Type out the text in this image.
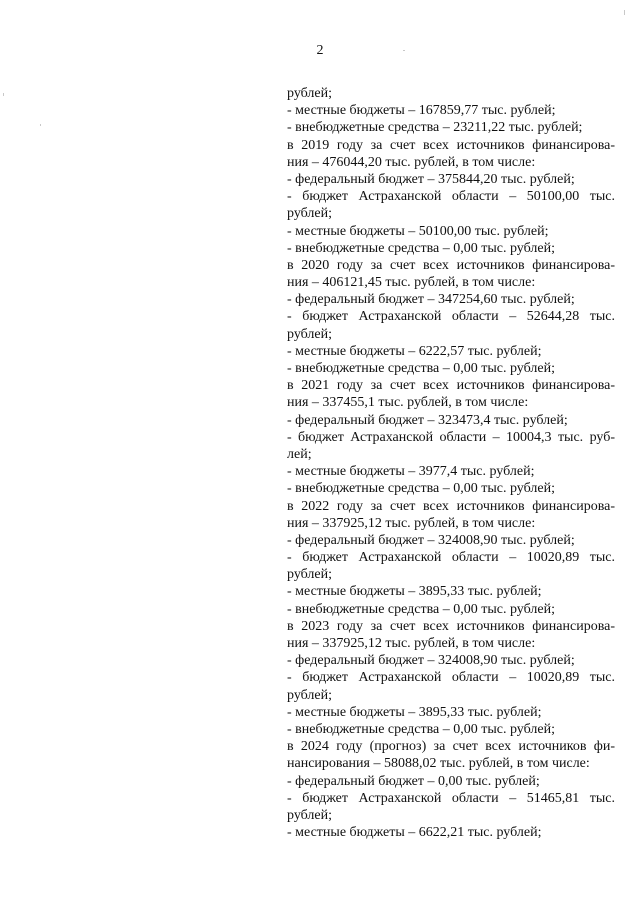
2
рублей;
- местные бюджеты – 167859,77 тыс. рублей;
- внебюджетные средства – 23211,22 тыс. рублей;
в 2019 году за счет всех источников финансирова-
ния – 476044,20 тыс. рублей, в том числе:
- федеральный бюджет – 375844,20 тыс. рублей;
- бюджет Астраханской области – 50100,00 тыс.
рублей;
- местные бюджеты – 50100,00 тыс. рублей;
- внебюджетные средства – 0,00 тыс. рублей;
в 2020 году за счет всех источников финансирова-
ния – 406121,45 тыс. рублей, в том числе:
- федеральный бюджет – 347254,60 тыс. рублей;
- бюджет Астраханской области – 52644,28 тыс.
рублей;
- местные бюджеты – 6222,57 тыс. рублей;
- внебюджетные средства – 0,00 тыс. рублей;
в 2021 году за счет всех источников финансирова-
ния – 337455,1 тыс. рублей, в том числе:
- федеральный бюджет – 323473,4 тыс. рублей;
- бюджет Астраханской области – 10004,3 тыс. руб-
лей;
- местные бюджеты – 3977,4 тыс. рублей;
- внебюджетные средства – 0,00 тыс. рублей;
в 2022 году за счет всех источников финансирова-
ния – 337925,12 тыс. рублей, в том числе:
- федеральный бюджет – 324008,90 тыс. рублей;
- бюджет Астраханской области – 10020,89 тыс.
рублей;
- местные бюджеты – 3895,33 тыс. рублей;
- внебюджетные средства – 0,00 тыс. рублей;
в 2023 году за счет всех источников финансирова-
ния – 337925,12 тыс. рублей, в том числе:
- федеральный бюджет – 324008,90 тыс. рублей;
- бюджет Астраханской области – 10020,89 тыс.
рублей;
- местные бюджеты – 3895,33 тыс. рублей;
- внебюджетные средства – 0,00 тыс. рублей;
в 2024 году (прогноз) за счет всех источников фи-
нансирования – 58088,02 тыс. рублей, в том числе:
- федеральный бюджет – 0,00 тыс. рублей;
- бюджет Астраханской области – 51465,81 тыс.
рублей;
- местные бюджеты – 6622,21 тыс. рублей;
